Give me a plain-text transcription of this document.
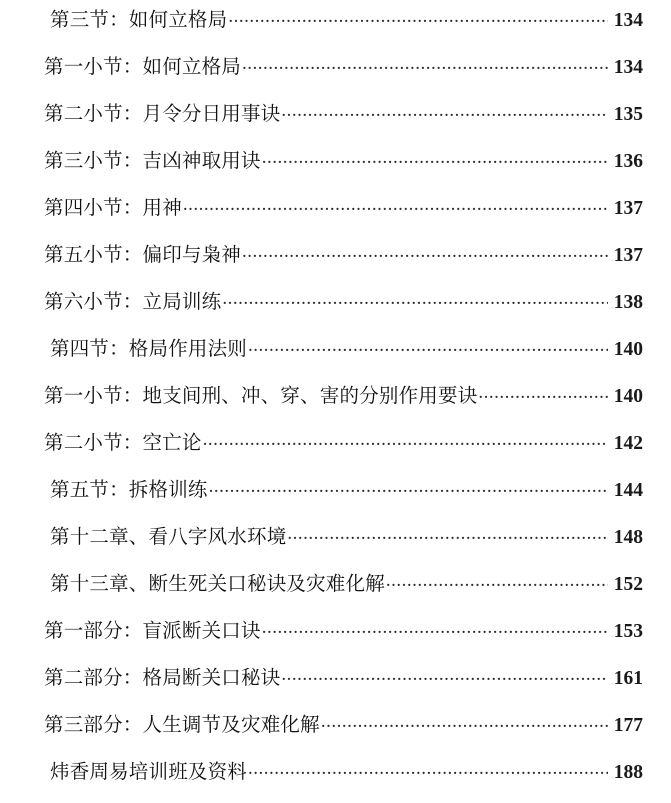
第三节：如何立格局 .....	134
第一小节：如何立格局 .....	134
第二小节：月令分日用事诀 .....	135
第三小节：吉凶神取用诀 .....	136
第四小节：用神 .....	137
第五小节：偏印与枭神 .....	137
第六小节：立局训练 .....	138
第四节：格局作用法则 .....	140
第一小节：地支间刑、冲、穿、害的分别作用要诀 .....	140
第二小节：空亡论 .....	142
第五节：拆格训练 .....	144
第十二章、看八字风水环境 .....	148
第十三章、断生死关口秘诀及灾难化解 .....	152
第一部分：盲派断关口诀 .....	153
第二部分：格局断关口秘诀 .....	161
第三部分：人生调节及灾难化解 .....	177
炜香周易培训班及资料 .....	188
